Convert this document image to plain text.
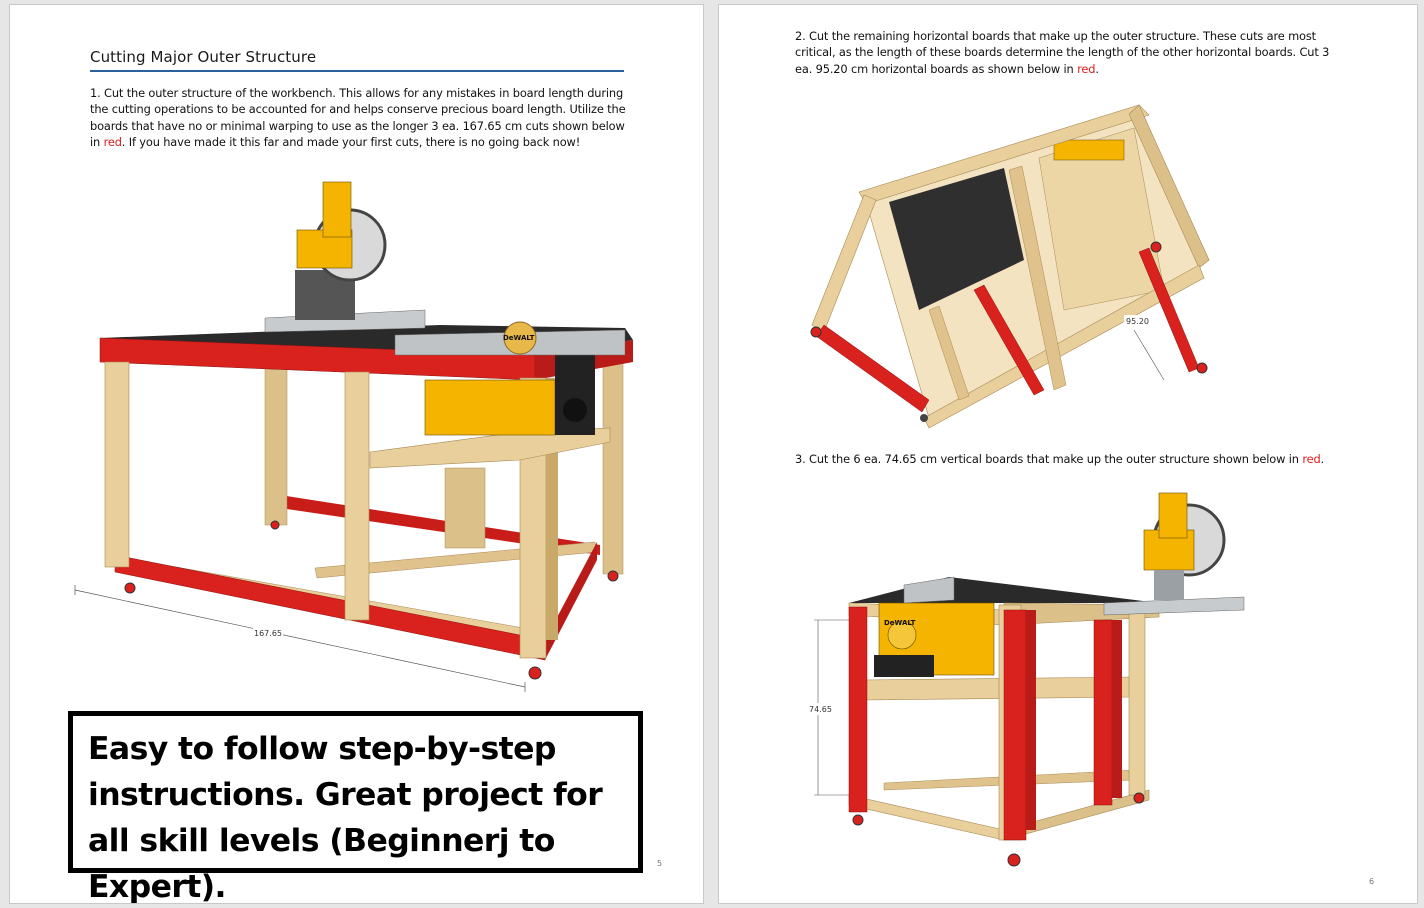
Cutting Major Outer Structure
1. Cut the outer structure of the workbench. This allows for any mistakes in board length during the cutting operations to be accounted for and helps conserve precious board length. Utilize the boards that have no or minimal warping to use as the longer 3 ea. 167.65 cm cuts shown below in red. If you have made it this far and made your first cuts, there is no going back now!
167.65
DeWALT
Easy to follow step-by-step instructions. Great project for all skill levels (Beginnerj to Expert).
5
2. Cut the remaining horizontal boards that make up the outer structure. These cuts are most critical, as the length of these boards determine the length of the other horizontal boards. Cut 3 ea. 95.20 cm horizontal boards as shown below in red.
95.20
3. Cut the 6 ea. 74.65 cm vertical boards that make up the outer structure shown below in red.
74.65
DeWALT
6
